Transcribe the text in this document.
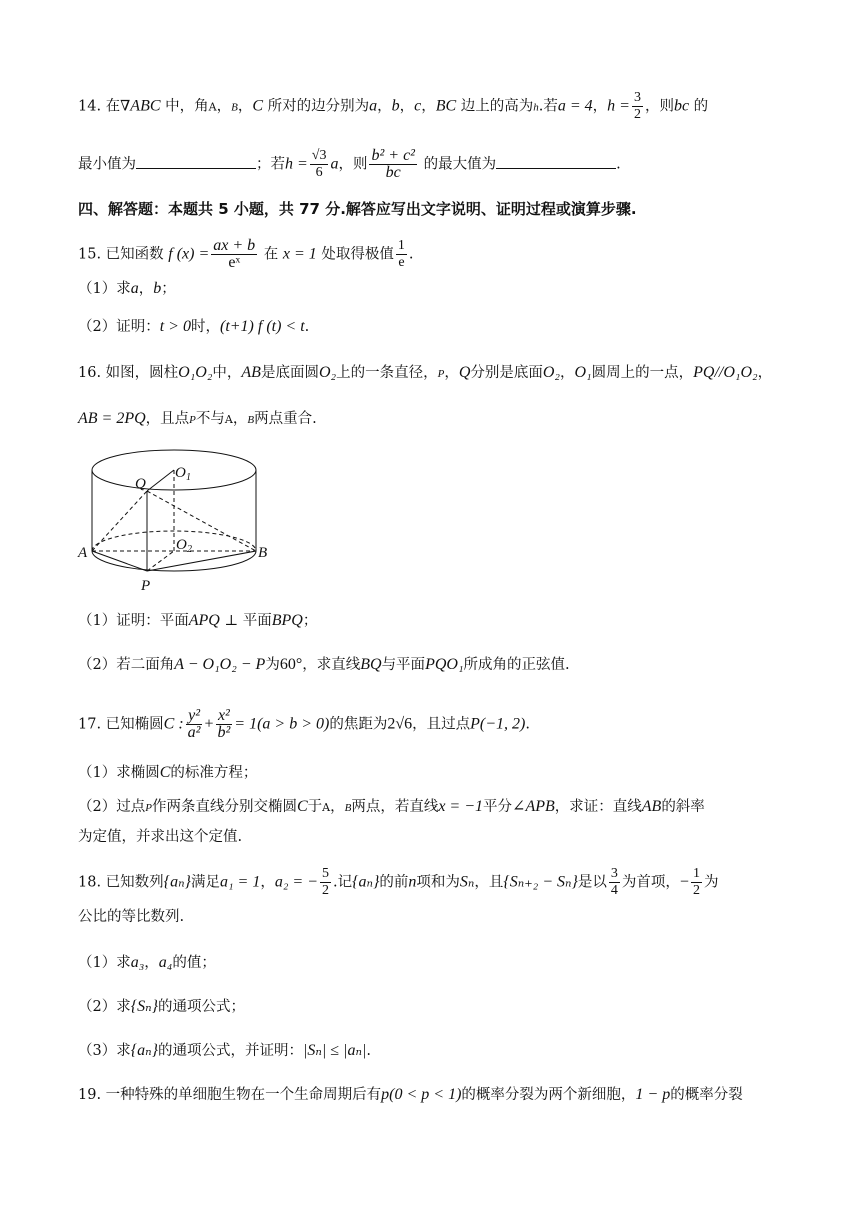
14. 在∇ABC 中，角A，B，C 所对的边分别为a，b，c，BC 边上的高为h.若a = 4，$h = \frac{3}{2}$ ，则bc 的
最小值为	；若$h = \frac{√3}{6}$ a，则 $\frac{\text{b² + c²}}{bc}$ 的最大值为	.
四、解答题：本题共 5 小题，共 77 分.解答应写出文字说明、证明过程或演算步骤.
15. 已知函数 f $(x) = \frac{ax + b}{\text{eˣ}}$ 在 x = 1 处取得极值 $\frac{1}{e}$ .
（1）求a，b；
（2）证明：t > 0时，(t+1) f (t) < t.
16. 如图，圆柱O₁O₂中，AB是底面圆O₂上的一条直径，P，Q分别是底面O₂，O₁圆周上的一点，PQ//O₁O₂，
AB = 2PQ，且点P不与A，B两点重合.
Q
O 1
O 2
A	B
P
（1）证明：平面APQ ⊥ 平面BPQ；
（2）若二面角A − O₁O₂ − P为60°，求直线BQ与平面PQO₁所成角的正弦值.
17. 已知椭圆C : $\frac{\text{y²}}{\text{a²}} + \frac{\text{x²}}{\text{b²}} = 1(a > b > 0)$的焦距为2√6，且过点P(−1, 2).
（1）求椭圆C的标准方程；
（2）过点P作两条直线分别交椭圆C于A，B两点，若直线x = −1平分∠APB，求证：直线AB的斜率
为定值，并求出这个定值.
18. 已知数列{aₙ}满足a₁ = 1，a₂ = − $\frac{5}{2}$ .记{aₙ}的前n项和为Sₙ，且{Sₙ₊₂ − Sₙ}是以 $\frac{3}{4}$ 为首项，− $\frac{1}{2}$ 为
公比的等比数列.
（1）求a₃，a₄的值；
（2）求{Sₙ}的通项公式；
（3）求{aₙ}的通项公式，并证明：|Sₙ| ≤ |aₙ|.
19. 一种特殊的单细胞生物在一个生命周期后有p(0 < p < 1)的概率分裂为两个新细胞，1 − p的概率分裂
